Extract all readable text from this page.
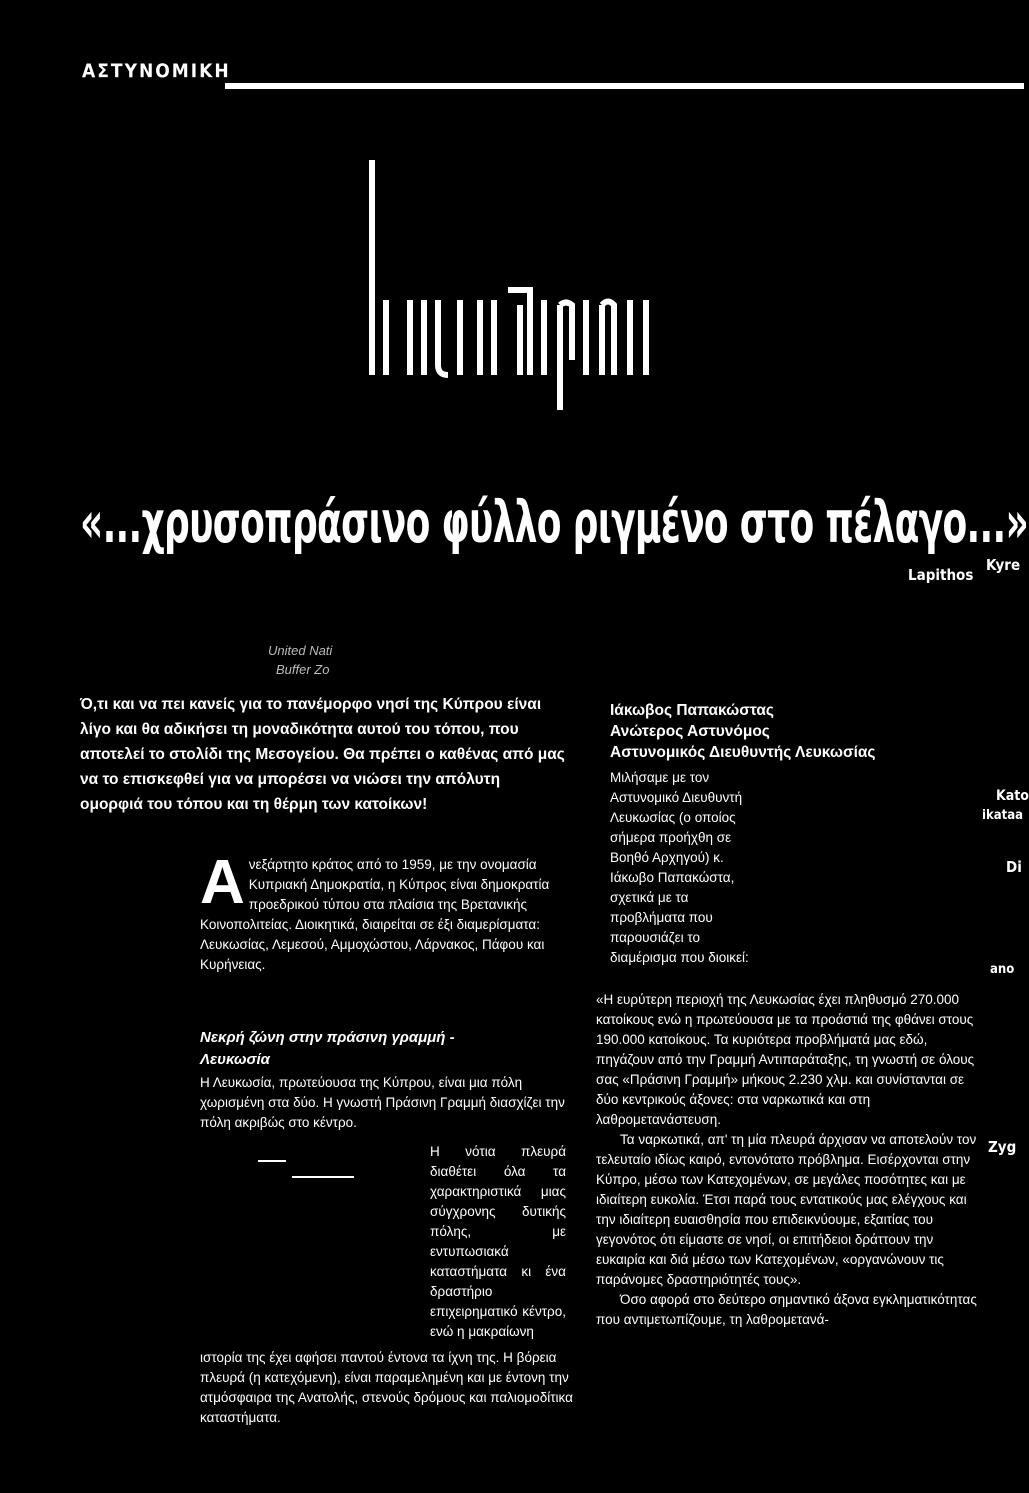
ΑΣΤΥΝΟΜΙΚΗ
«...χρυσοπράσινο φύλλο ριγμένο στο πέλαγο...»
Lapithos
Kyre
United Nati
Buffer Zo
Kato
ikataa
Di
ano
Zyg
Ό,τι και να πει κανείς για το πανέμορφο νησί της Κύπρου είναι λίγο και θα αδικήσει τη μοναδικότητα αυτού του τόπου, που αποτελεί το στολίδι της Μεσογείου. Θα πρέπει ο καθένας από μας να το επισκεφθεί για να μπορέσει να νιώσει την απόλυτη ομορφιά του τόπου και τη θέρμη των κατοίκων!

Ανεξάρτητο κράτος από το 1959, με την ονομασία Κυπριακή Δημοκρατία, η Κύπρος είναι δημοκρατία προεδρικού τύπου στα πλαίσια της Βρετανικής Κοινοπολιτείας. Διοικητικά, διαιρείται σε έξι διαμερίσματα: Λευκωσίας, Λεμεσού, Αμμοχώστου, Λάρνακος, Πάφου και Κυρήνειας.

Νεκρή ζώνη στην πράσινη γραμμή -
Λευκωσία
Η Λευκωσία, πρωτεύουσα της Κύπρου, είναι μια πόλη χωρισμένη στα δύο. Η γνωστή Πράσινη Γραμμή διασχίζει την πόλη ακριβώς στο κέντρο.
Η νότια πλευρά διαθέτει όλα τα χαρακτηριστικά μιας σύγχρονης δυτικής πόλης, με εντυπωσιακά καταστήματα κι ένα δραστήριο επιχειρηματικό κέντρο, ενώ η μακραίωνη
ιστορία της έχει αφήσει παντού έντονα τα ίχνη της. Η βόρεια πλευρά (η κατεχόμενη), είναι παραμελημένη και με έντονη την ατμόσφαιρα της Ανατολής, στενούς δρόμους και παλιομοδίτικα καταστήματα.
Ιάκωβος Παπακώστας
Ανώτερος Αστυνόμος
Αστυνομικός Διευθυντής Λευκωσίας
Μιλήσαμε με τον Αστυνομικό Διευθυντή Λευκωσίας (ο οποίος σήμερα προήχθη σε Βοηθό Αρχηγού) κ. Ιάκωβο Παπακώστα, σχετικά με τα προβλήματα που παρουσιάζει το διαμέρισμα που διοικεί:

«Η ευρύτερη περιοχή της Λευκωσίας έχει πληθυσμό 270.000 κατοίκους ενώ η πρωτεύουσα με τα προάστιά της φθάνει στους 190.000 κατοίκους. Τα κυριότερα προβλήματά μας εδώ, πηγάζουν από την Γραμμή Αντιπαράταξης, τη γνωστή σε όλους σας «Πράσινη Γραμμή» μήκους 2.230 χλμ. και συνίστανται σε δύο κεντρικούς άξονες: στα ναρκωτικά και στη λαθρομετανάστευση.

Τα ναρκωτικά, απ' τη μία πλευρά άρχισαν να αποτελούν τον τελευταίο ιδίως καιρό, εντονότατο πρόβλημα. Εισέρχονται στην Κύπρο, μέσω των Κατεχομένων, σε μεγάλες ποσότητες και με ιδιαίτερη ευκολία. Έτσι παρά τους εντατικούς μας ελέγχους και την ιδιαίτερη ευαισθησία που επιδεικνύουμε, εξαιτίας του γεγονότος ότι είμαστε σε νησί, οι επιτήδειοι δράττουν την ευκαιρία και διά μέσω των Κατεχομένων, «οργανώνουν τις παράνομες δραστηριότητές τους».

Όσο αφορά στο δεύτερο σημαντικό άξονα εγκληματικότητας που αντιμετωπίζουμε, τη λαθρομετανά-
